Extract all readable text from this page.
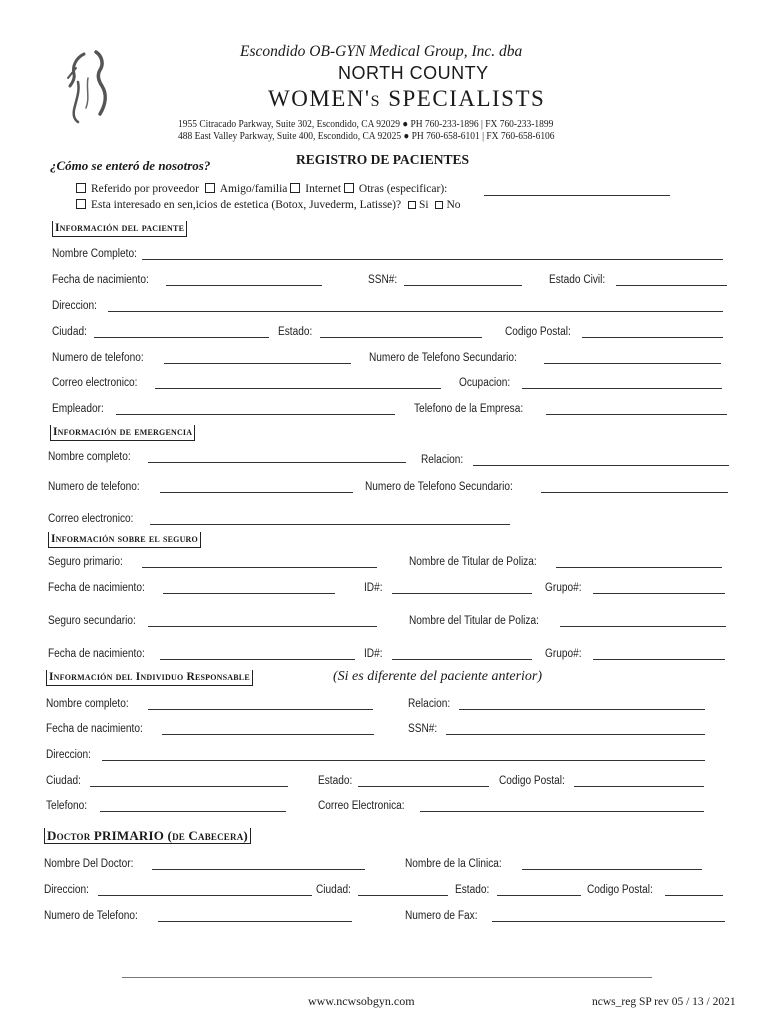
Escondido OB-GYN Medical Group, Inc. dba
NORTH COUNTY
WOMEN's SPECIALISTS
1955 Citracado Parkway, Suite 302, Escondido, CA 92029 ● PH 760-233-1896 | FX 760-233-1899
488 East Valley Parkway, Suite 400, Escondido, CA 92025 ● PH 760-658-6101 | FX 760-658-6106
¿Cómo se enteró de nosotros?	REGISTRO DE PACIENTES
Referido por proveedor Amigo/familia Internet Otras (especificar):
Esta interesado en sen,icios de estetica (Botox, Juvederm, Latisse)? Si No
Información del paciente
Nombre Completo:
Fecha de nacimiento:	SSN#:	Estado Civil:
Direccion:
Ciudad:	Estado:	Codigo Postal:
Numero de telefono:	Numero de Telefono Secundario:
Correo electronico:	Ocupacion:
Empleador:	Telefono de la Empresa:
Información de emergencia
Nombre completo:	Relacion:
Numero de telefono:	Numero de Telefono Secundario:
Correo electronico:
Información sobre el seguro
Seguro primario:	Nombre de Titular de Poliza:
Fecha de nacimiento:	ID#:	Grupo#:
Seguro secundario:	Nombre del Titular de Poliza:
Fecha de nacimiento:	ID#:	Grupo#:
Información del Individuo Responsable	(Si es diferente del paciente anterior)
Nombre completo:	Relacion:
Fecha de nacimiento:	SSN#:
Direccion:
Ciudad:	Estado:	Codigo Postal:
Telefono:	Correo Electronica:
Doctor PRIMARIO (de Cabecera)
Nombre Del Doctor:	Nombre de la Clinica:
Direccion:	Ciudad:	Estado:	Codigo Postal:
Numero de Telefono:	Numero de Fax:
www.ncwsobgyn.com	ncws_reg SP rev 05 / 13 / 2021
